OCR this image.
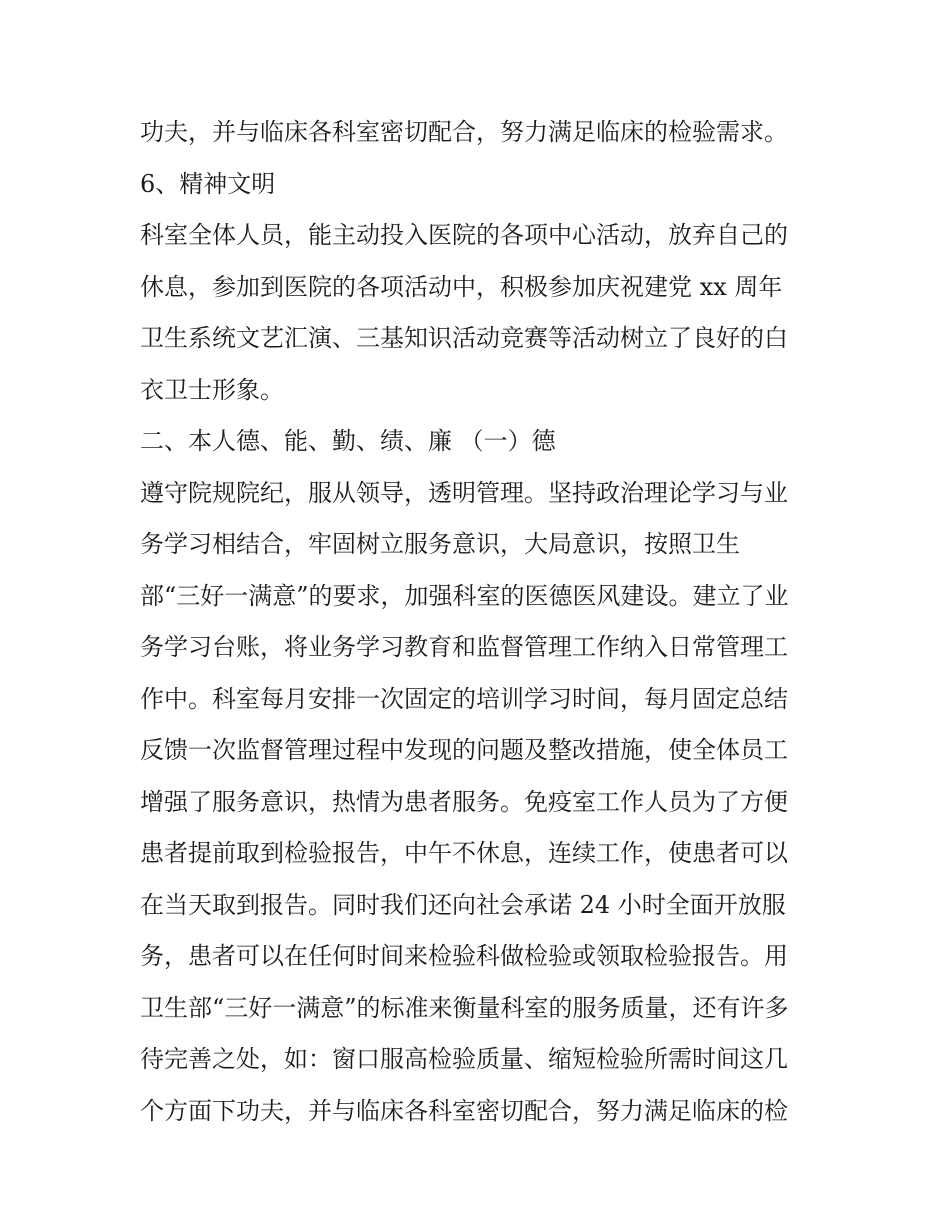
功夫，并与临床各科室密切配合，努力满足临床的检验需求。
6、精神文明
科室全体人员，能主动投入医院的各项中心活动，放弃自己的
休息，参加到医院的各项活动中，积极参加庆祝建党 xx 周年
卫生系统文艺汇演、三基知识活动竞赛等活动树立了良好的白
衣卫士形象。
二、本人德、能、勤、绩、廉 （一）德
遵守院规院纪，服从领导，透明管理。坚持政治理论学习与业
务学习相结合，牢固树立服务意识，大局意识，按照卫生
部“三好一满意”的要求，加强科室的医德医风建设。建立了业
务学习台账，将业务学习教育和监督管理工作纳入日常管理工
作中。科室每月安排一次固定的培训学习时间，每月固定总结
反馈一次监督管理过程中发现的问题及整改措施，使全体员工
增强了服务意识，热情为患者服务。免疫室工作人员为了方便
患者提前取到检验报告，中午不休息，连续工作，使患者可以
在当天取到报告。同时我们还向社会承诺 24 小时全面开放服
务，患者可以在任何时间来检验科做检验或领取检验报告。用
卫生部“三好一满意”的标准来衡量科室的服务质量，还有许多
待完善之处，如：窗口服高检验质量、缩短检验所需时间这几
个方面下功夫，并与临床各科室密切配合，努力满足临床的检
